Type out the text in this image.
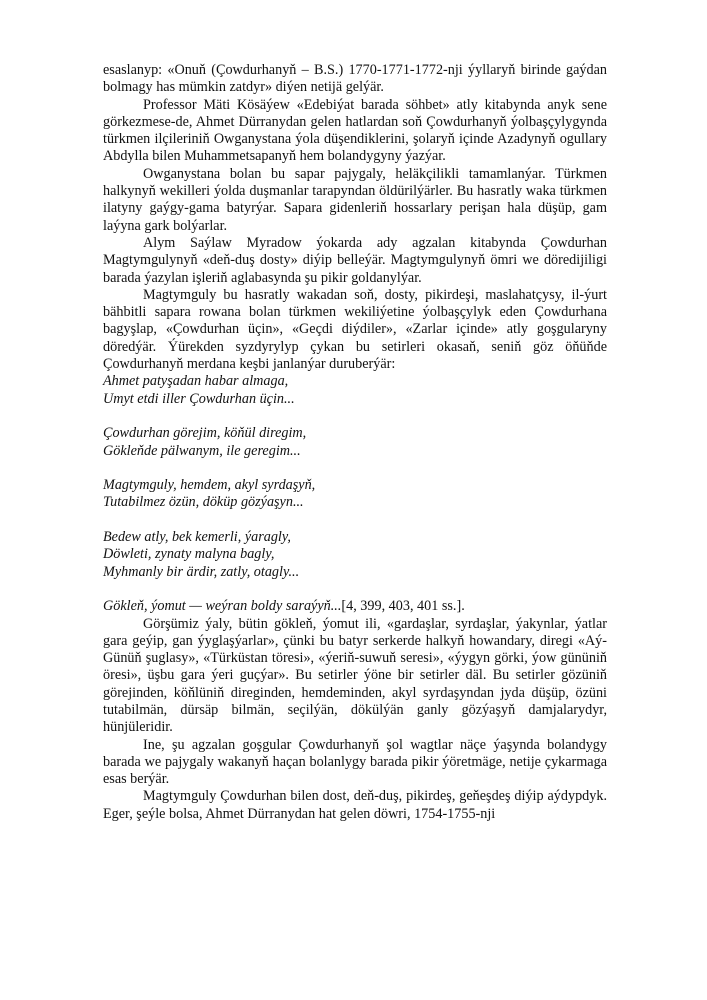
esaslanyp: «Onuň (Çowdurhanyň – B.S.) 1770-1771-1772-nji ýyllaryň birinde gaýdan bolmagy has mümkin zatdyr» diýen netijä gelýär.

Professor Mäti Kösäýew «Edebiýat barada söhbet» atly kitabynda anyk sene görkezmese-de, Ahmet Dürranydan gelen hatlardan soň Çowdurhanyň ýolbaşçylygynda türkmen ilçileriniň Owganystana ýola düşendiklerini, şolaryň içinde Azadynyň ogullary Abdylla bilen Muhammetsapanyň hem bolandygyny ýazýar.

Owganystana bolan bu sapar pajygaly, heläkçilikli tamamlanýar. Türkmen halkynyň wekilleri ýolda duşmanlar tarapyndan öldürilýärler. Bu hasratly waka türkmen ilatyny gaýgy-gama batyrýar. Sapara gidenleriň hossarlary perişan hala düşüp, gam laýyna gark bolýarlar.

Alym Saýlaw Myradow ýokarda ady agzalan kitabynda Çowdurhan Magtymgulynyň «deň-duş dosty» diýip belleýär. Magtymgulynyň ömri we döredijiligi barada ýazylan işleriň aglabasynda şu pikir goldanylýar.

Magtymguly bu hasratly wakadan soň, dosty, pikirdeşi, maslahatçysy, il-ýurt bähbitli sapara rowana bolan türkmen wekiliýetine ýolbaşçylyk eden Çowdurhana bagyşlap, «Çowdurhan üçin», «Geçdi diýdiler», «Zarlar içinde» atly goşgularyny döredýär. Ýürekden syzdyrylyp çykan bu setirleri okasaň, seniň göz öňüňde Çowdurhanyň merdana keşbi janlanýar duruberýär:

Ahmet patyşadan habar almaga,
Umyt etdi iller Çowdurhan üçin...
Çowdurhan görejim, köňül diregim,
Gökleňde pälwanym, ile geregim...
Magtymguly, hemdem, akyl syrdaşyň,
Tutabilmez özün, döküp gözýaşyn...
Bedew atly, bek kemerli, ýaragly,
Döwleti, zynaty malyna bagly,
Myhmanly bir ärdir, zatly, otagly...

Gökleň, ýomut — weýran boldy saraýyň...[4, 399, 403, 401 ss.].

Görşümiz ýaly, bütin gökleň, ýomut ili, «gardaşlar, syrdaşlar, ýakynlar, ýatlar gara geýip, gan ýyglaşýarlar», çünki bu batyr serkerde halkyň howandary, diregi «Aý-Günüň şuglasy», «Türküstan töresi», «ýeriň-suwuň seresi», «ýygyn görki, ýow gününiň öresi», üşbu gara ýeri guçýar». Bu setirler ýöne bir setirler däl. Bu setirler gözüniň görejinden, köňlüniň direginden, hemdeminden, akyl syrdaşyndan jyda düşüp, özüni tutabilmän, dürsäp bilmän, seçilýän, dökülýän ganly gözýaşyň damjalarydyr, hünjüleridir.

Ine, şu agzalan goşgular Çowdurhanyň şol wagtlar näçe ýaşynda bolandygy barada we pajygaly wakanyň haçan bolanlygy barada pikir ýöretmäge, netije çykarmaga esas berýär.

Magtymguly Çowdurhan bilen dost, deň-duş, pikirdeş, geňeşdeş diýip aýdypdyk. Eger, şeýle bolsa, Ahmet Dürranydan hat gelen döwri, 1754-1755-nji
